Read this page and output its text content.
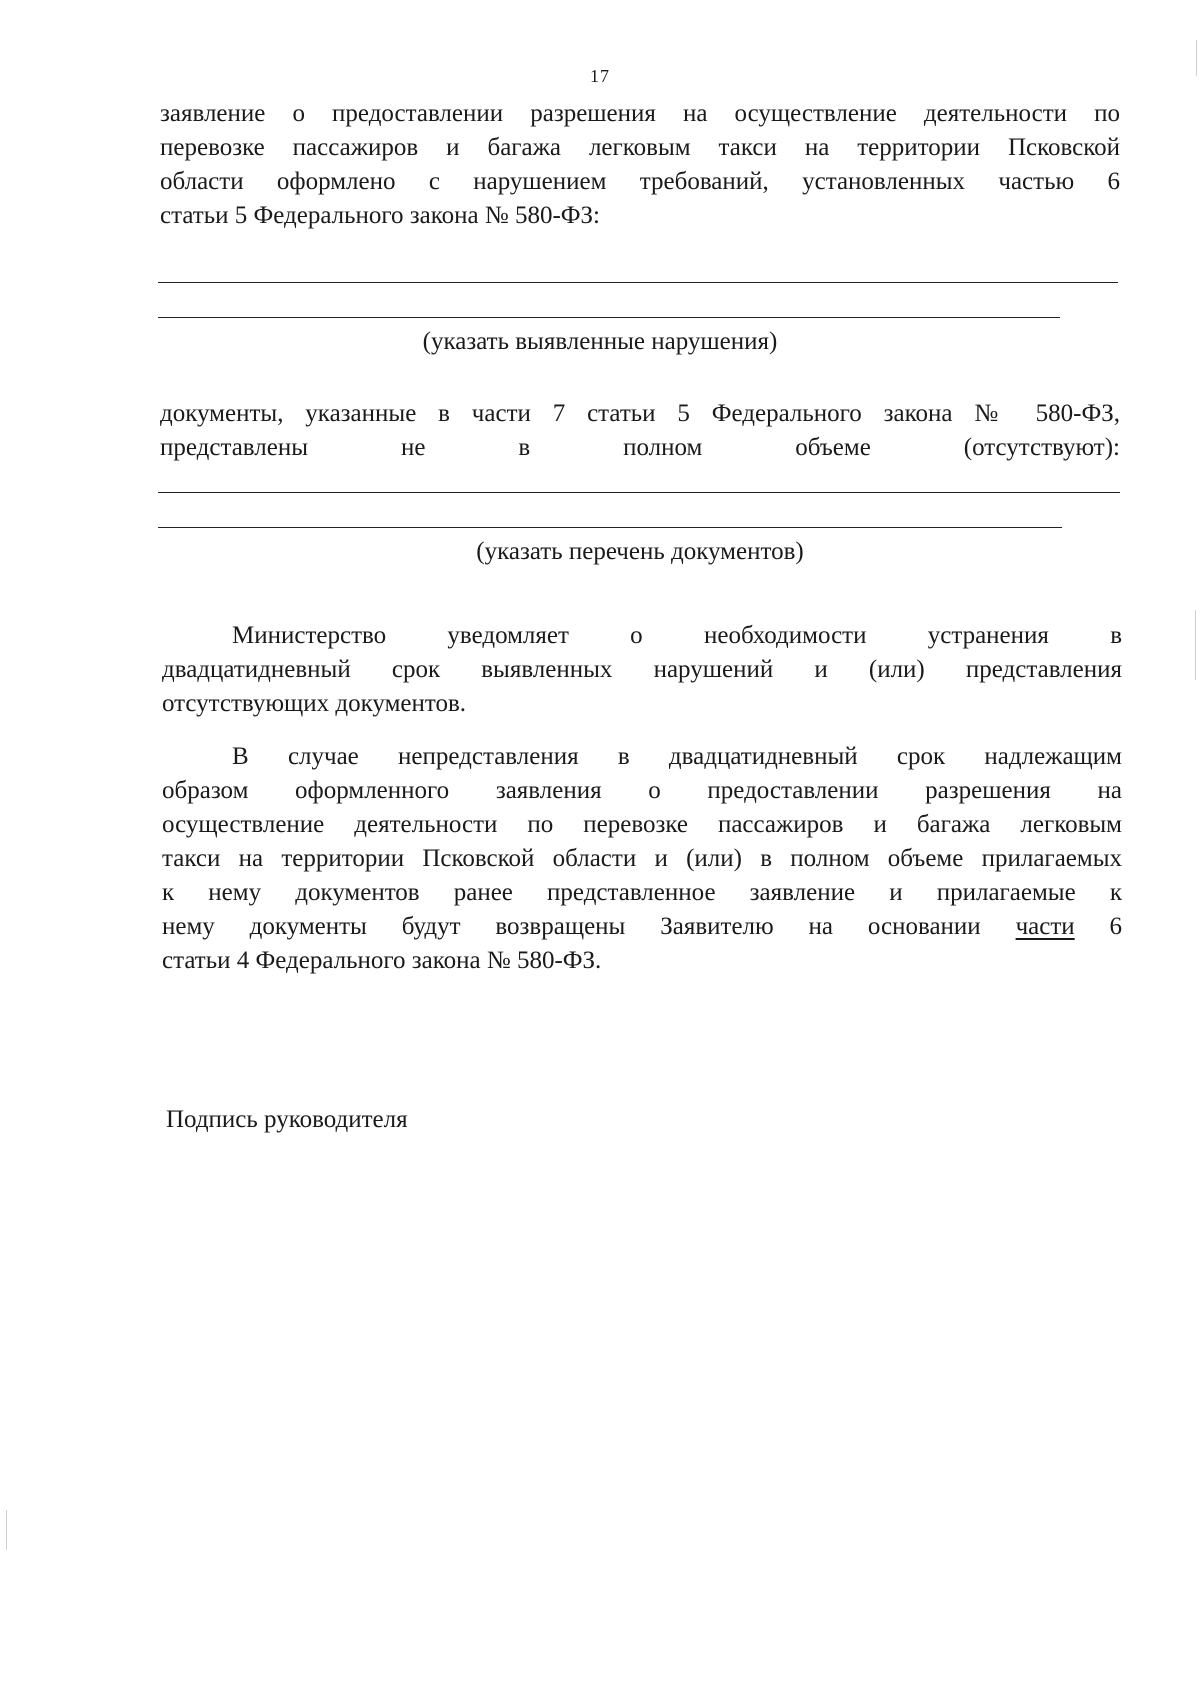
17
заявление о предоставлении разрешения на осуществление деятельности по
перевозке пассажиров и багажа легковым такси на территории Псковской
области оформлено с нарушением требований, установленных частью 6
статьи 5 Федерального закона № 580-ФЗ:
(указать выявленные нарушения)
документы, указанные в части 7 статьи 5 Федерального закона № 580-ФЗ,
представлены не в полном объеме (отсутствуют):
(указать перечень документов)
Министерство уведомляет о необходимости устранения в
двадцатидневный срок выявленных нарушений и (или) представления
отсутствующих документов.
В случае непредставления в двадцатидневный срок надлежащим
образом оформленного заявления о предоставлении разрешения на
осуществление деятельности по перевозке пассажиров и багажа легковым
такси на территории Псковской области и (или) в полном объеме прилагаемых
к нему документов ранее представленное заявление и прилагаемые к
нему документы будут возвращены Заявителю на основании части 6
статьи 4 Федерального закона № 580-ФЗ.
Подпись руководителя
